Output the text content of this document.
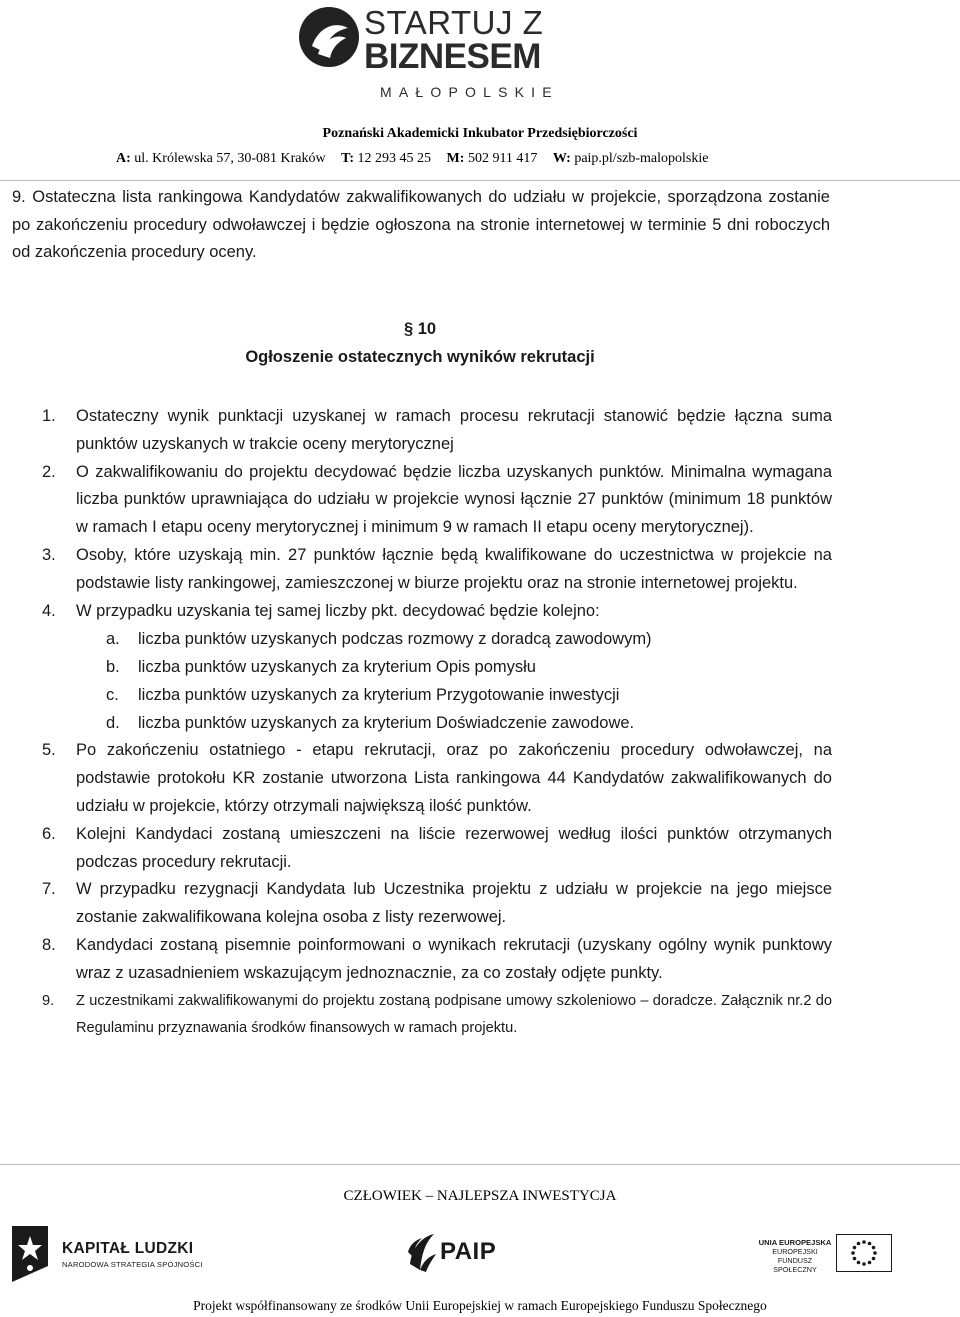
STARTUJ Z
BIZNESEM
MAŁOPOLSKIE
Poznański Akademicki Inkubator Przedsiębiorczości
A: ul. Królewska 57, 30-081 Kraków T: 12 293 45 25 M: 502 911 417 W: paip.pl/szb-malopolskie

9. Ostateczna lista rankingowa Kandydatów zakwalifikowanych do udziału w projekcie, sporządzona zostanie po zakończeniu procedury odwoławczej i będzie ogłoszona na stronie internetowej w terminie 5 dni roboczych od zakończenia procedury oceny.

§ 10
Ogłoszenie ostatecznych wyników rekrutacji
1. Ostateczny wynik punktacji uzyskanej w ramach procesu rekrutacji stanowić będzie łączna suma punktów uzyskanych w trakcie oceny merytorycznej
2. O zakwalifikowaniu do projektu decydować będzie liczba uzyskanych punktów. Minimalna wymagana liczba punktów uprawniająca do udziału w projekcie wynosi łącznie 27 punktów (minimum 18 punktów w ramach I etapu oceny merytorycznej i minimum 9 w ramach II etapu oceny merytorycznej).
3. Osoby, które uzyskają min. 27 punktów łącznie będą kwalifikowane do uczestnictwa w projekcie na podstawie listy rankingowej, zamieszczonej w biurze projektu oraz na stronie internetowej projektu.
4. W przypadku uzyskania tej samej liczby pkt. decydować będzie kolejno:
a. liczba punktów uzyskanych podczas rozmowy z doradcą zawodowym)
b. liczba punktów uzyskanych za kryterium Opis pomysłu
c. liczba punktów uzyskanych za kryterium Przygotowanie inwestycji
d. liczba punktów uzyskanych za kryterium Doświadczenie zawodowe.
5. Po zakończeniu ostatniego - etapu rekrutacji, oraz po zakończeniu procedury odwoławczej, na podstawie protokołu KR zostanie utworzona Lista rankingowa 44 Kandydatów zakwalifikowanych do udziału w projekcie, którzy otrzymali największą ilość punktów.
6. Kolejni Kandydaci zostaną umieszczeni na liście rezerwowej według ilości punktów otrzymanych podczas procedury rekrutacji.
7. W przypadku rezygnacji Kandydata lub Uczestnika projektu z udziału w projekcie na jego miejsce zostanie zakwalifikowana kolejna osoba z listy rezerwowej.
8. Kandydaci zostaną pisemnie poinformowani o wynikach rekrutacji (uzyskany ogólny wynik punktowy wraz z uzasadnieniem wskazującym jednoznacznie, za co zostały odjęte punkty.
9. Z uczestnikami zakwalifikowanymi do projektu zostaną podpisane umowy szkoleniowo – doradcze. Załącznik nr.2 do Regulaminu przyznawania środków finansowych w ramach projektu.
CZŁOWIEK – NAJLEPSZA INWESTYCJA
KAPITAŁ LUDZKI
NARODOWA STRATEGIA SPÓJNOŚCI	PAIP	UNIA EUROPEJSKA
EUROPEJSKI
FUNDUSZ SPOŁECZNY
Projekt współfinansowany ze środków Unii Europejskiej w ramach Europejskiego Funduszu Społecznego
